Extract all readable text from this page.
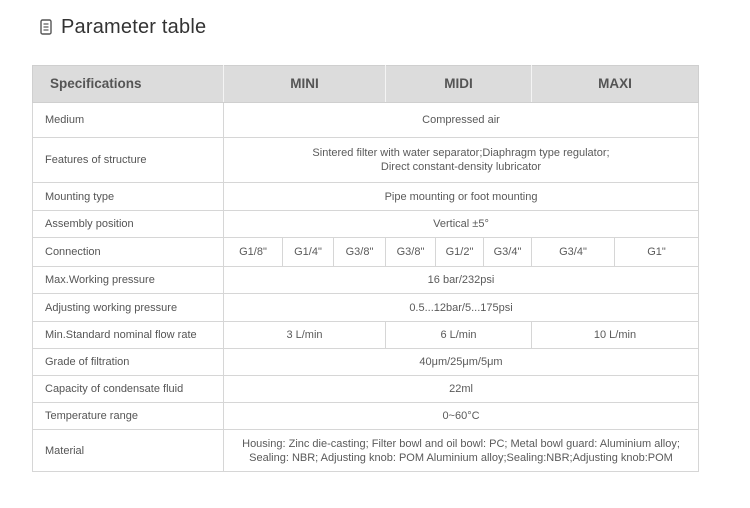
Parameter table
Specifications	MINI			MIDI			MAXI	
Medium	Compressed air							
Features of structure	Sintered filter with water separator;Diaphragm type regulator;
Direct constant-density lubricator							

Mounting type	Pipe mounting or foot mounting							
Assembly position	Vertical ±5°							
Connection	G1/8"	G1/4"	G3/8"	G3/8"	G1/2"	G3/4"	G3/4"	G1"
Max.Working pressure	16 bar/232psi							
Adjusting working pressure	0.5...12bar/5...175psi							
Min.Standard nominal flow rate	3 L/min			6 L/min			10 L/min	
Grade of filtration	40μm/25μm/5μm							
Capacity of condensate fluid	22ml							
Temperature range	0~60°C							
Material	Housing: Zinc die-casting; Filter bowl and oil bowl: PC; Metal bowl guard: Aluminium alloy;
Sealing: NBR; Adjusting knob: POM Aluminium alloy;Sealing:NBR;Adjusting knob:POM							
